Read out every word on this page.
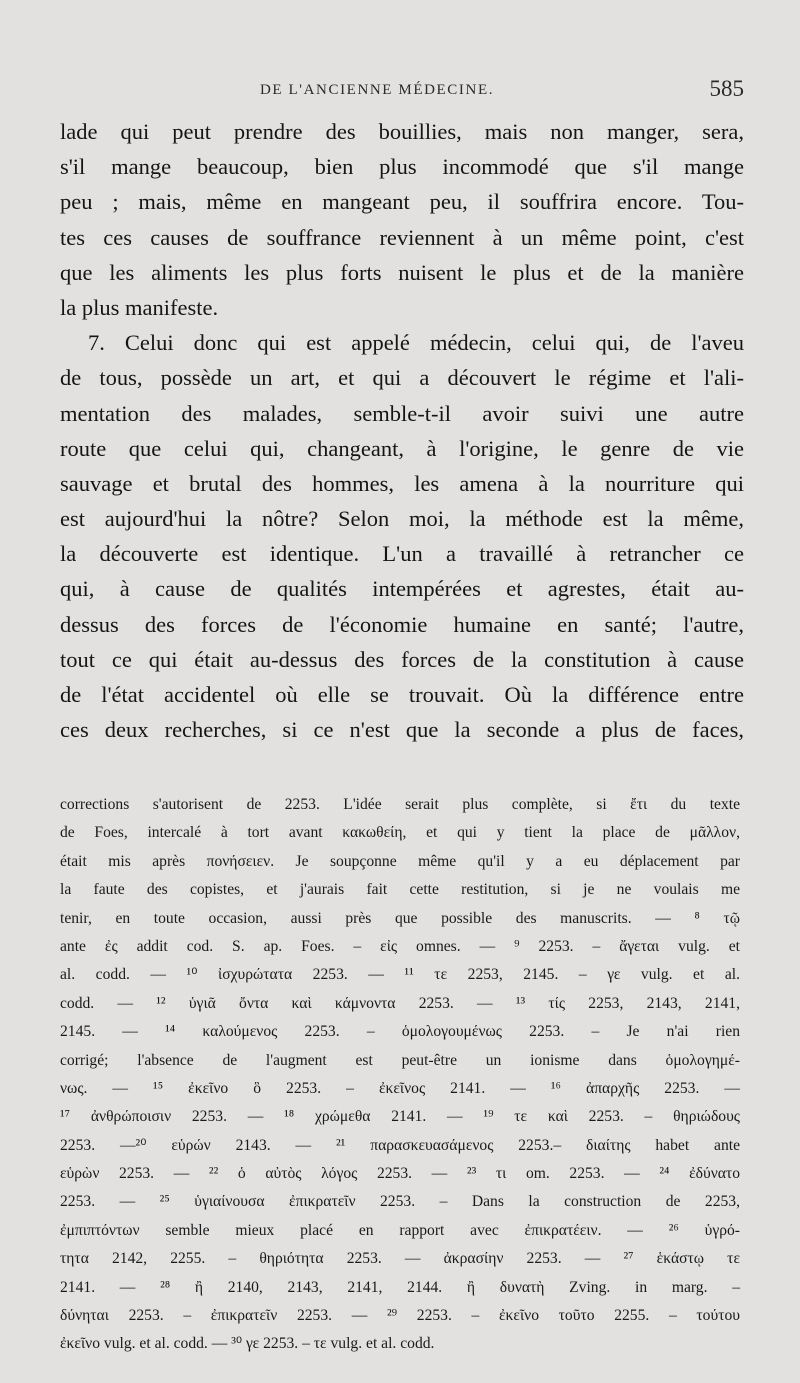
DE L'ANCIENNE MÉDECINE.	585
lade qui peut prendre des bouillies, mais non manger, sera,
s'il mange beaucoup, bien plus incommodé que s'il mange
peu ; mais, même en mangeant peu, il souffrira encore. Tou-
tes ces causes de souffrance reviennent à un même point, c'est
que les aliments les plus forts nuisent le plus et de la manière
la plus manifeste.
7. Celui donc qui est appelé médecin, celui qui, de l'aveu
de tous, possède un art, et qui a découvert le régime et l'ali-
mentation des malades, semble-t-il avoir suivi une autre
route que celui qui, changeant, à l'origine, le genre de vie
sauvage et brutal des hommes, les amena à la nourriture qui
est aujourd'hui la nôtre? Selon moi, la méthode est la même,
la découverte est identique. L'un a travaillé à retrancher ce
qui, à cause de qualités intempérées et agrestes, était au-
dessus des forces de l'économie humaine en santé; l'autre,
tout ce qui était au-dessus des forces de la constitution à cause
de l'état accidentel où elle se trouvait. Où la différence entre
ces deux recherches, si ce n'est que la seconde a plus de faces,
corrections s'autorisent de 2253. L'idée serait plus complète, si ἔτι du texte
de Foes, intercalé à tort avant κακωθείη, et qui y tient la place de μᾶλλον,
était mis après πονήσειεν. Je soupçonne même qu'il y a eu déplacement par
la faute des copistes, et j'aurais fait cette restitution, si je ne voulais me
tenir, en toute occasion, aussi près que possible des manuscrits. — ⁸ τῷ
ante ἐς addit cod. S. ap. Foes. – εἰς omnes. — ⁹ 2253. – ἄγεται vulg. et
al. codd. — ¹⁰ ἰσχυρώτατα 2253. — ¹¹ τε 2253, 2145. – γε vulg. et al.
codd. — ¹² ὑγιᾶ ὄντα καὶ κάμνοντα 2253. — ¹³ τίς 2253, 2143, 2141,
2145. — ¹⁴ καλούμενος 2253. – ὁμολογουμένως 2253. – Je n'ai rien
corrigé; l'absence de l'augment est peut-être un ionisme dans ὁμολογημέ-
νως. — ¹⁵ ἐκεῖνο ὃ 2253. – ἐκεῖνος 2141. — ¹⁶ ἀπαρχῆς 2253. —
¹⁷ ἀνθρώποισιν 2253. — ¹⁸ χρώμεθα 2141. — ¹⁹ τε καὶ 2253. – θηριώδους
2253. —²⁰ εὑρών 2143. — ²¹ παρασκευασάμενος 2253.– διαίτης habet ante
εὑρὼν 2253. — ²² ὁ αὐτὸς λόγος 2253. — ²³ τι om. 2253. — ²⁴ ἐδύνατο
2253. — ²⁵ ὑγιαίνουσα ἐπικρατεῖν 2253. – Dans la construction de 2253,
ἐμπιπτόντων semble mieux placé en rapport avec ἐπικρατέειν. — ²⁶ ὑγρό-
τητα 2142, 2255. – θηριότητα 2253. — ἀκρασίην 2253. — ²⁷ ἑκάστῳ τε
2141. — ²⁸ ἢ 2140, 2143, 2141, 2144. ἢ δυνατὴ Zving. in marg. –
δύνηται 2253. – ἐπικρατεῖν 2253. — ²⁹ 2253. – ἐκεῖνο τοῦτο 2255. – τούτου
ἐκεῖνο vulg. et al. codd. — ³⁰ γε 2253. – τε vulg. et al. codd.
